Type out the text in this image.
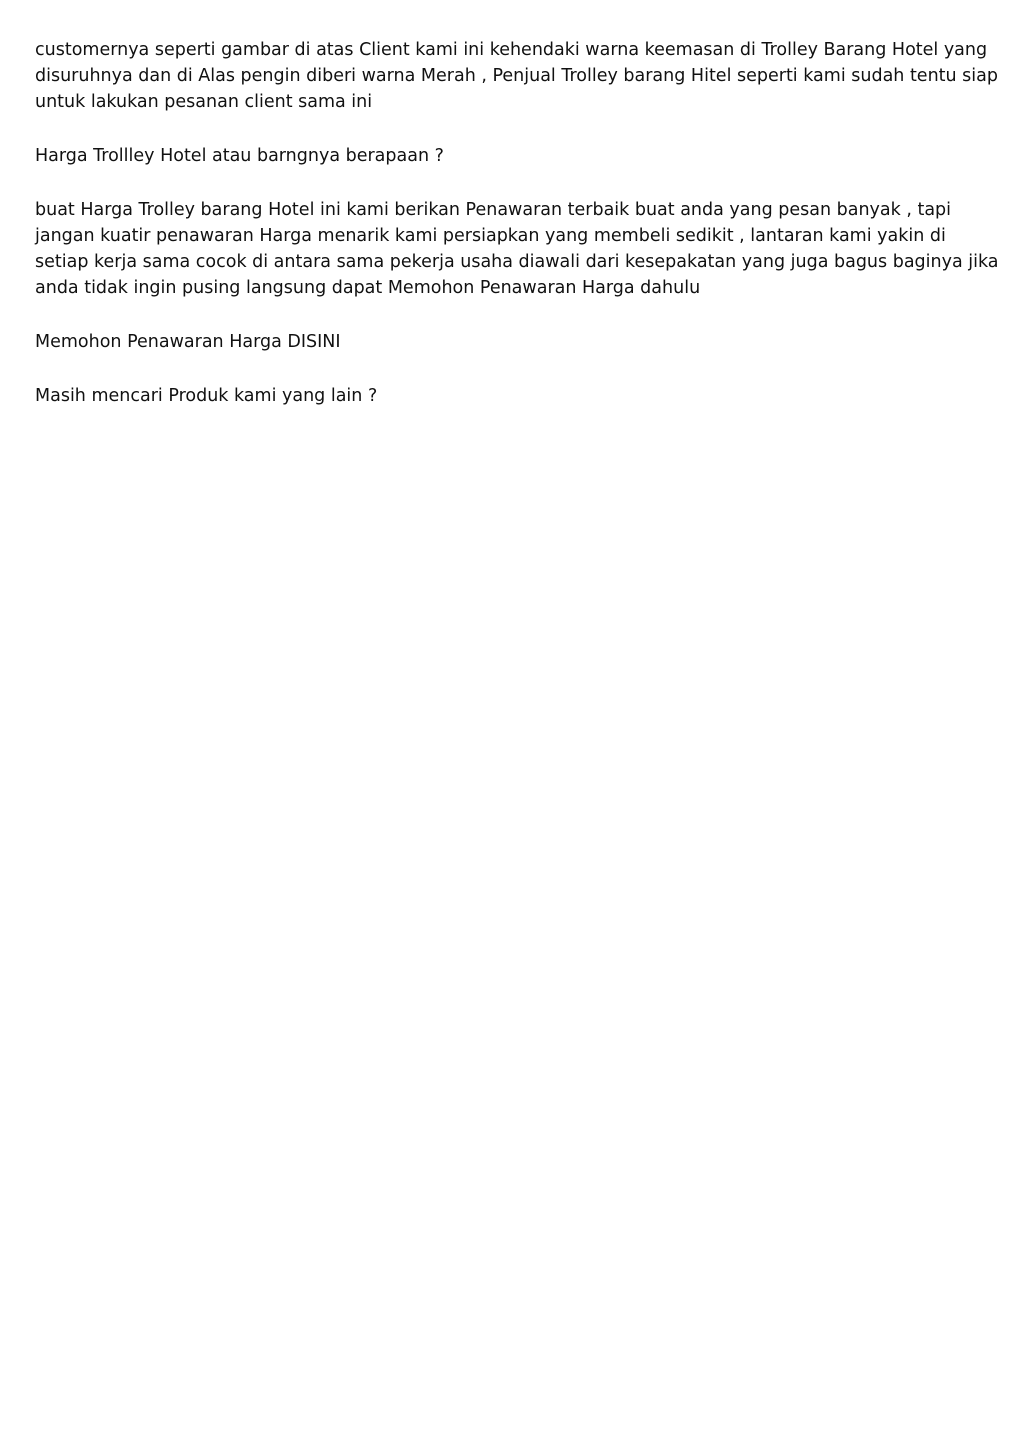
customernya seperti gambar di atas Client kami ini kehendaki warna keemasan di Trolley Barang Hotel yang disuruhnya dan di Alas pengin diberi warna Merah , Penjual Trolley barang Hitel seperti kami sudah tentu siap untuk lakukan pesanan client sama ini

Harga Trollley Hotel atau barngnya berapaan ?

buat Harga Trolley barang Hotel ini kami berikan Penawaran terbaik buat anda yang pesan banyak , tapi jangan kuatir penawaran Harga menarik kami persiapkan yang membeli sedikit , lantaran kami yakin di setiap kerja sama cocok di antara sama pekerja usaha diawali dari kesepakatan yang juga bagus baginya jika anda tidak ingin pusing langsung dapat Memohon Penawaran Harga dahulu

Memohon Penawaran Harga DISINI

Masih mencari Produk kami yang lain ?
